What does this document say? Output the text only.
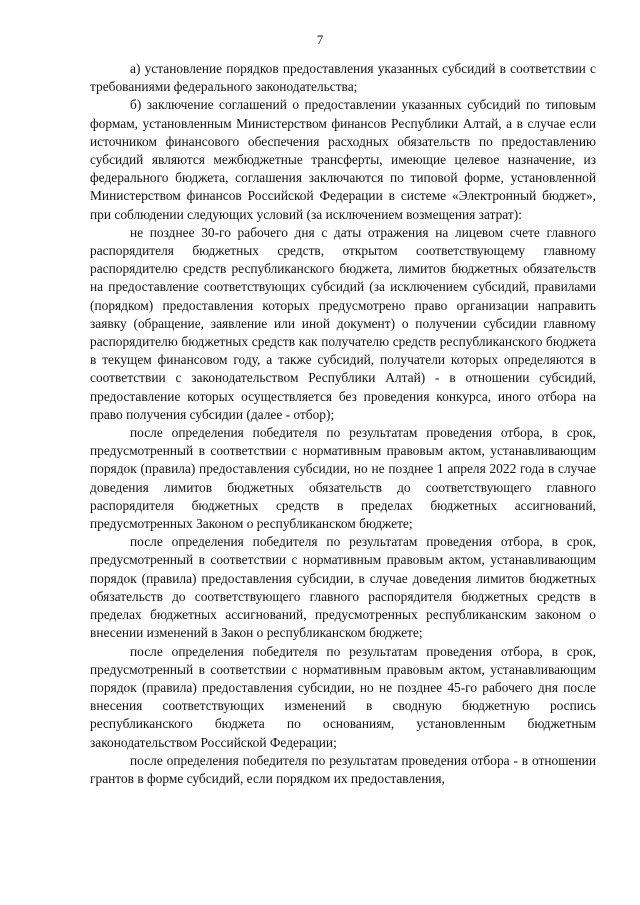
7

а) установление порядков предоставления указанных субсидий в соответствии с требованиями федерального законодательства;

б) заключение соглашений о предоставлении указанных субсидий по типовым формам, установленным Министерством финансов Республики Алтай, а в случае если источником финансового обеспечения расходных обязательств по предоставлению субсидий являются межбюджетные трансферты, имеющие целевое назначение, из федерального бюджета, соглашения заключаются по типовой форме, установленной Министерством финансов Российской Федерации в системе «Электронный бюджет», при соблюдении следующих условий (за исключением возмещения затрат):

не позднее 30-го рабочего дня с даты отражения на лицевом счете главного распорядителя бюджетных средств, открытом соответствующему главному распорядителю средств республиканского бюджета, лимитов бюджетных обязательств на предоставление соответствующих субсидий (за исключением субсидий, правилами (порядком) предоставления которых предусмотрено право организации направить заявку (обращение, заявление или иной документ) о получении субсидии главному распорядителю бюджетных средств как получателю средств республиканского бюджета в текущем финансовом году, а также субсидий, получатели которых определяются в соответствии с законодательством Республики Алтай) - в отношении субсидий, предоставление которых осуществляется без проведения конкурса, иного отбора на право получения субсидии (далее - отбор);

после определения победителя по результатам проведения отбора, в срок, предусмотренный в соответствии с нормативным правовым актом, устанавливающим порядок (правила) предоставления субсидии, но не позднее 1 апреля 2022 года в случае доведения лимитов бюджетных обязательств до соответствующего главного распорядителя бюджетных средств в пределах бюджетных ассигнований, предусмотренных Законом о республиканском бюджете;

после определения победителя по результатам проведения отбора, в срок, предусмотренный в соответствии с нормативным правовым актом, устанавливающим порядок (правила) предоставления субсидии, в случае доведения лимитов бюджетных обязательств до соответствующего главного распорядителя бюджетных средств в пределах бюджетных ассигнований, предусмотренных республиканским законом о внесении изменений в Закон о республиканском бюджете;

после определения победителя по результатам проведения отбора, в срок, предусмотренный в соответствии с нормативным правовым актом, устанавливающим порядок (правила) предоставления субсидии, но не позднее 45-го рабочего дня после внесения соответствующих изменений в сводную бюджетную роспись республиканского бюджета по основаниям, установленным бюджетным законодательством Российской Федерации;

после определения победителя по результатам проведения отбора - в отношении грантов в форме субсидий, если порядком их предоставления,
